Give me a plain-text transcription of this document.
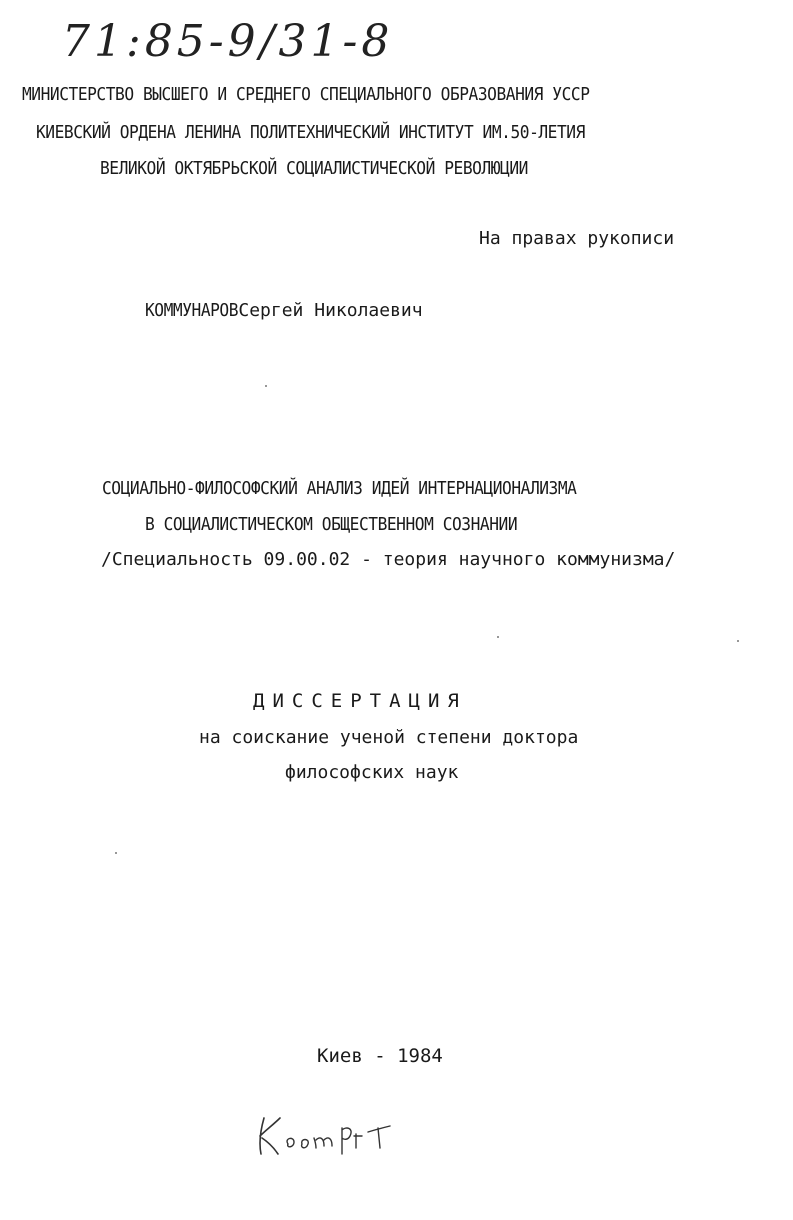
71:85-9/31-8
МИНИСТЕРСТВО ВЫСШЕГО И СРЕДНЕГО СПЕЦИАЛЬНОГО ОБРАЗОВАНИЯ УССР
КИЕВСКИЙ ОРДЕНА ЛЕНИНА ПОЛИТЕХНИЧЕСКИЙ ИНСТИТУТ ИМ.50-ЛЕТИЯ
ВЕЛИКОЙ ОКТЯБРЬСКОЙ СОЦИАЛИСТИЧЕСКОЙ РЕВОЛЮЦИИ
На правах рукописи
КОММУНАРОВСергей Николаевич
СОЦИАЛЬНО-ФИЛОСОФСКИЙ АНАЛИЗ ИДЕЙ ИНТЕРНАЦИОНАЛИЗМА
В СОЦИАЛИСТИЧЕСКОМ ОБЩЕСТВЕННОМ СОЗНАНИИ
/Специальность 09.00.02 - теория научного коммунизма/
ДИССЕРТАЦИЯ
на соискание ученой степени доктора
философских наук
Киев - 1984
